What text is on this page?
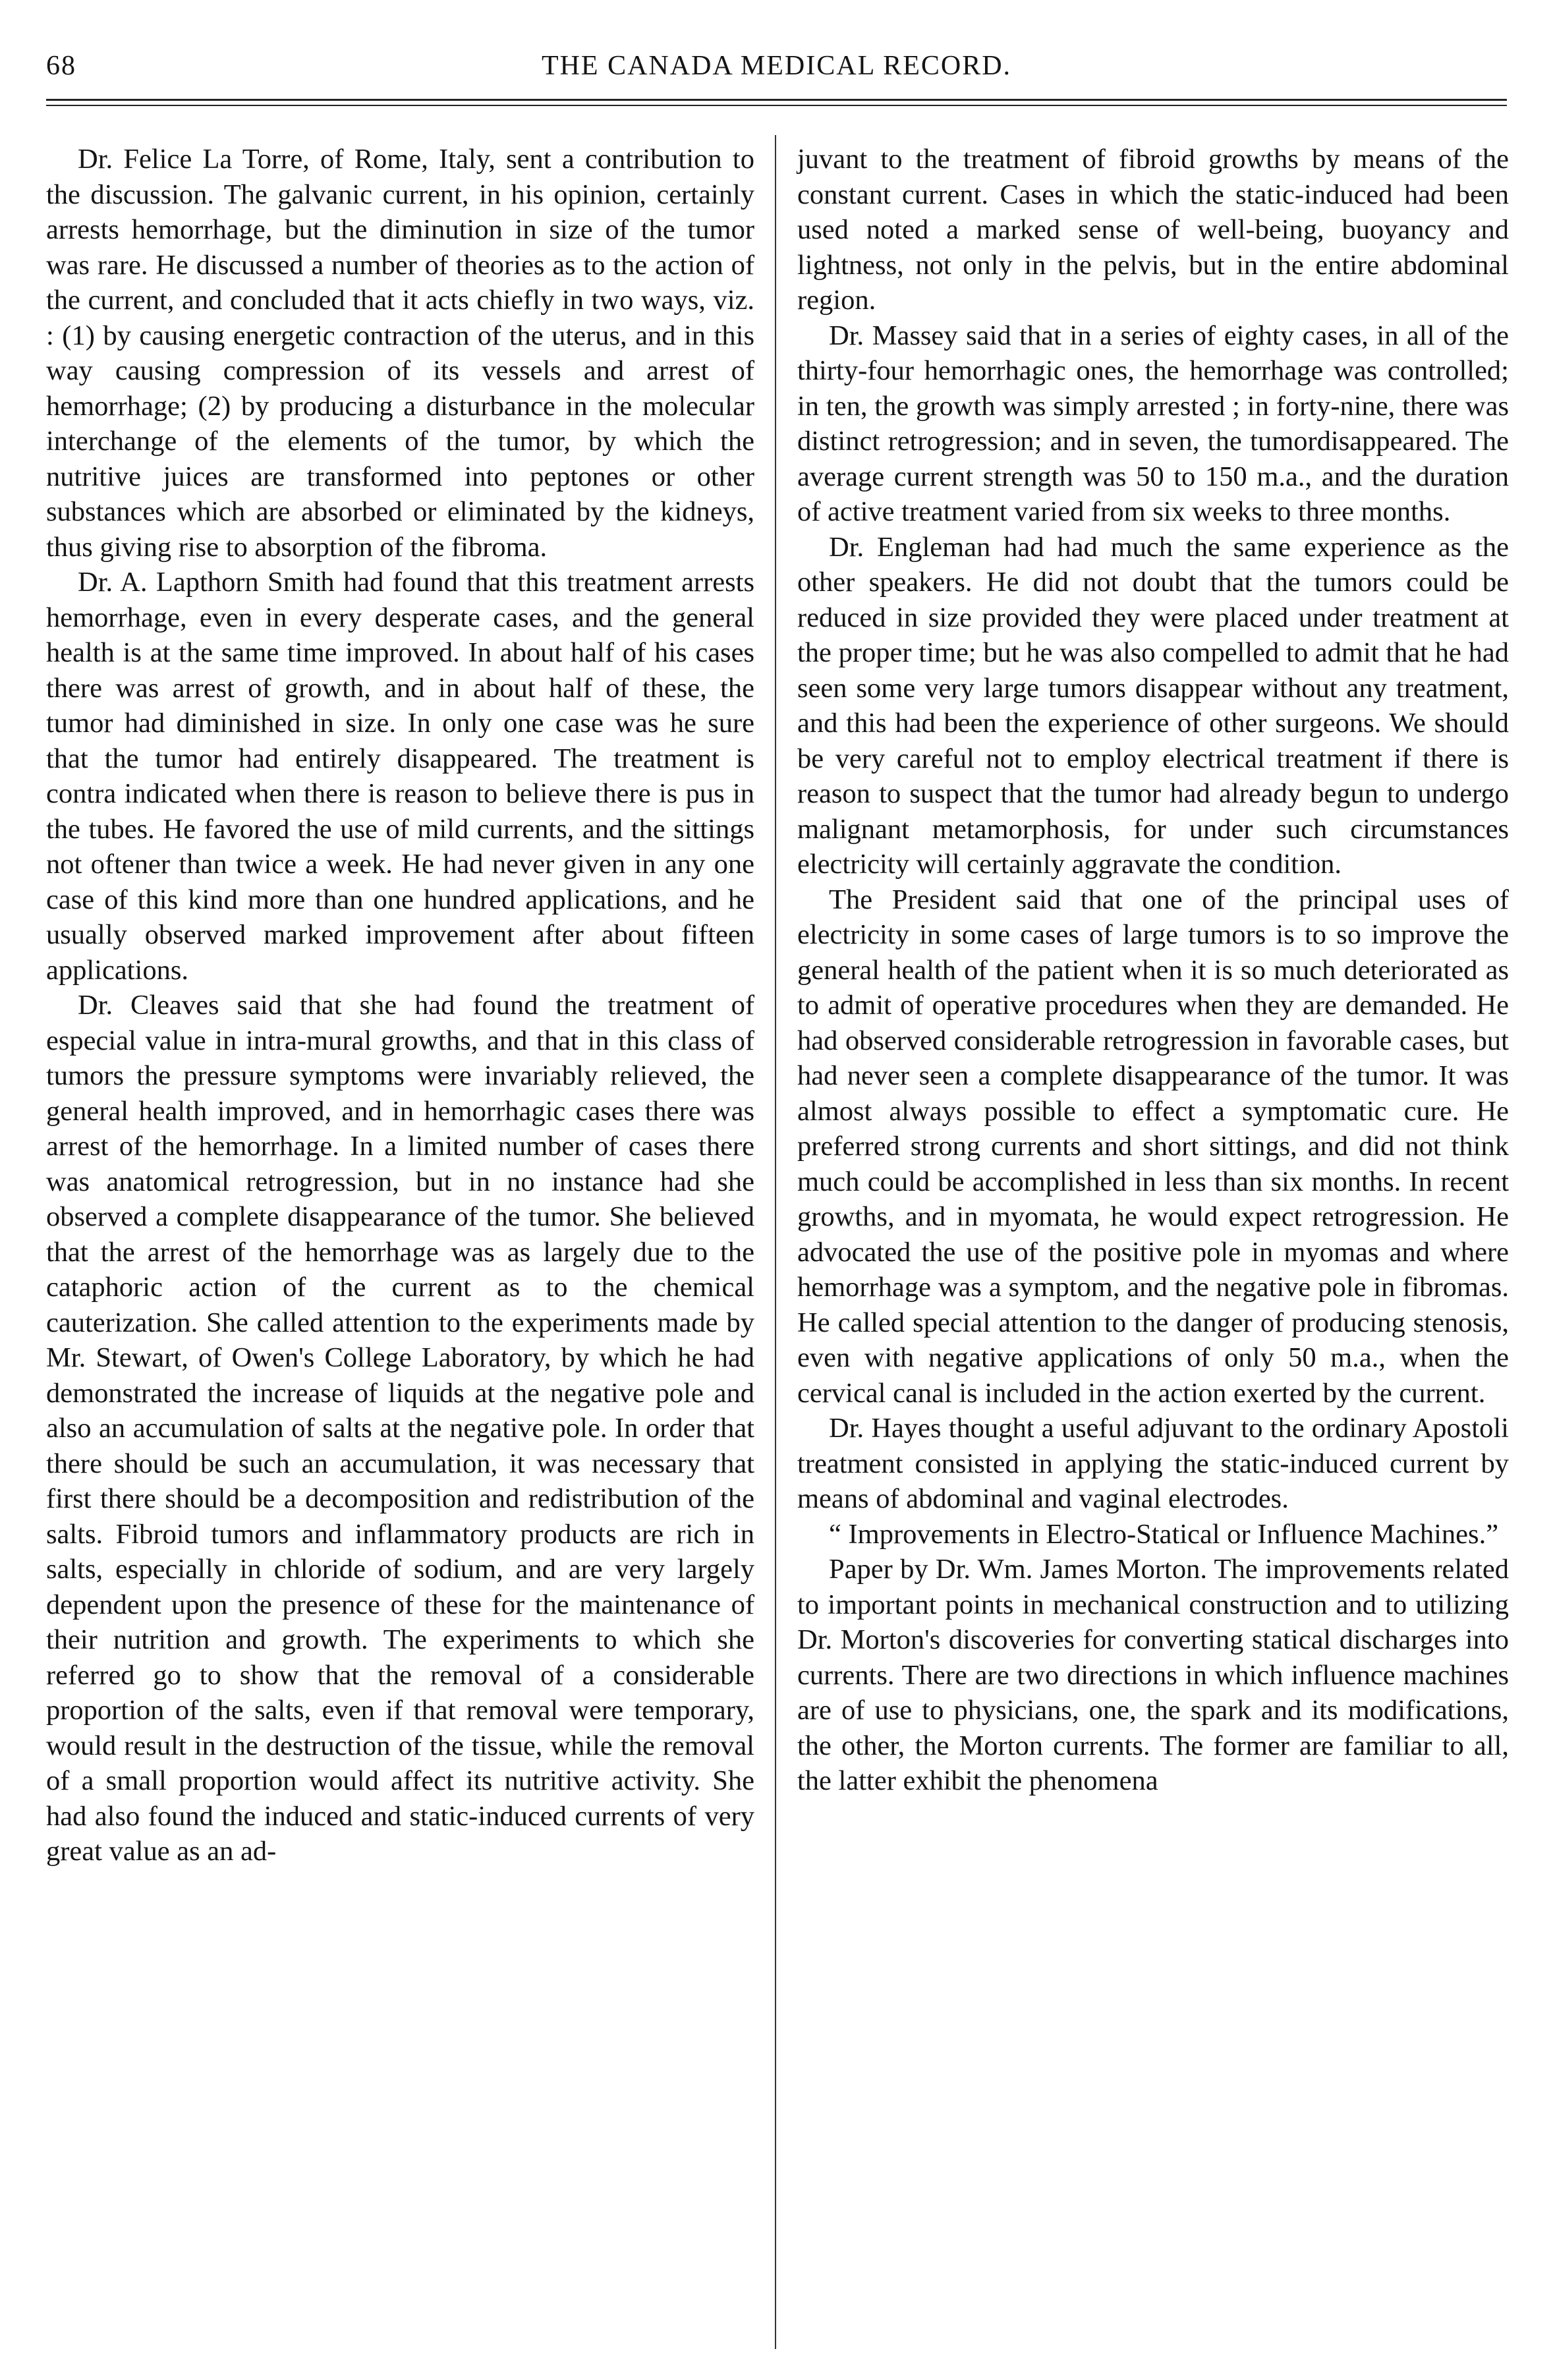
68	THE CANADA MEDICAL RECORD.

Dr. Felice La Torre, of Rome, Italy, sent a contribution to the discussion. The galvanic current, in his opinion, certainly arrests hemorrhage, but the diminution in size of the tumor was rare. He discussed a number of theories as to the action of the current, and concluded that it acts chiefly in two ways, viz. : (1) by causing energetic contraction of the uterus, and in this way causing compression of its vessels and arrest of hemorrhage; (2) by producing a disturbance in the molecular interchange of the elements of the tumor, by which the nutritive juices are transformed into peptones or other substances which are absorbed or eliminated by the kidneys, thus giving rise to absorption of the fibroma.

Dr. A. Lapthorn Smith had found that this treatment arrests hemorrhage, even in every desperate cases, and the general health is at the same time improved. In about half of his cases there was arrest of growth, and in about half of these, the tumor had diminished in size. In only one case was he sure that the tumor had entirely disappeared. The treatment is contra indicated when there is reason to believe there is pus in the tubes. He favored the use of mild currents, and the sittings not oftener than twice a week. He had never given in any one case of this kind more than one hundred applications, and he usually observed marked improvement after about fifteen applications.

Dr. Cleaves said that she had found the treatment of especial value in intra-mural growths, and that in this class of tumors the pressure symptoms were invariably relieved, the general health improved, and in hemorrhagic cases there was arrest of the hemorrhage. In a limited number of cases there was anatomical retrogression, but in no instance had she observed a complete disappearance of the tumor. She believed that the arrest of the hemorrhage was as largely due to the cataphoric action of the current as to the chemical cauterization. She called attention to the experiments made by Mr. Stewart, of Owen's College Laboratory, by which he had demonstrated the increase of liquids at the negative pole and also an accumulation of salts at the negative pole. In order that there should be such an accumulation, it was necessary that first there should be a decomposition and redistribution of the salts. Fibroid tumors and inflammatory products are rich in salts, especially in chloride of sodium, and are very largely dependent upon the presence of these for the maintenance of their nutrition and growth. The experiments to which she referred go to show that the removal of a considerable proportion of the salts, even if that removal were temporary, would result in the destruction of the tissue, while the removal of a small proportion would affect its nutritive activity. She had also found the induced and static-induced currents of very great value as an ad-

juvant to the treatment of fibroid growths by means of the constant current. Cases in which the static-induced had been used noted a marked sense of well-being, buoyancy and lightness, not only in the pelvis, but in the entire abdominal region.

Dr. Massey said that in a series of eighty cases, in all of the thirty-four hemorrhagic ones, the hemorrhage was controlled; in ten, the growth was simply arrested ; in forty-nine, there was distinct retrogression; and in seven, the tumordisappeared. The average current strength was 50 to 150 m.a., and the duration of active treatment varied from six weeks to three months.

Dr. Engleman had had much the same experience as the other speakers. He did not doubt that the tumors could be reduced in size provided they were placed under treatment at the proper time; but he was also compelled to admit that he had seen some very large tumors disappear without any treatment, and this had been the experience of other surgeons. We should be very careful not to employ electrical treatment if there is reason to suspect that the tumor had already begun to undergo malignant metamorphosis, for under such circumstances electricity will certainly aggravate the condition.

The President said that one of the principal uses of electricity in some cases of large tumors is to so improve the general health of the patient when it is so much deteriorated as to admit of operative procedures when they are demanded. He had observed considerable retrogression in favorable cases, but had never seen a complete disappearance of the tumor. It was almost always possible to effect a symptomatic cure. He preferred strong currents and short sittings, and did not think much could be accomplished in less than six months. In recent growths, and in myomata, he would expect retrogression. He advocated the use of the positive pole in myomas and where hemorrhage was a symptom, and the negative pole in fibromas. He called special attention to the danger of producing stenosis, even with negative applications of only 50 m.a., when the cervical canal is included in the action exerted by the current.

Dr. Hayes thought a useful adjuvant to the ordinary Apostoli treatment consisted in applying the static-induced current by means of abdominal and vaginal electrodes.

“ Improvements in Electro-Statical or Influence Machines.”

Paper by Dr. Wm. James Morton. The improvements related to important points in mechanical construction and to utilizing Dr. Morton's discoveries for converting statical discharges into currents. There are two directions in which influence machines are of use to physicians, one, the spark and its modifications, the other, the Morton currents. The former are familiar to all, the latter exhibit the phenomena
